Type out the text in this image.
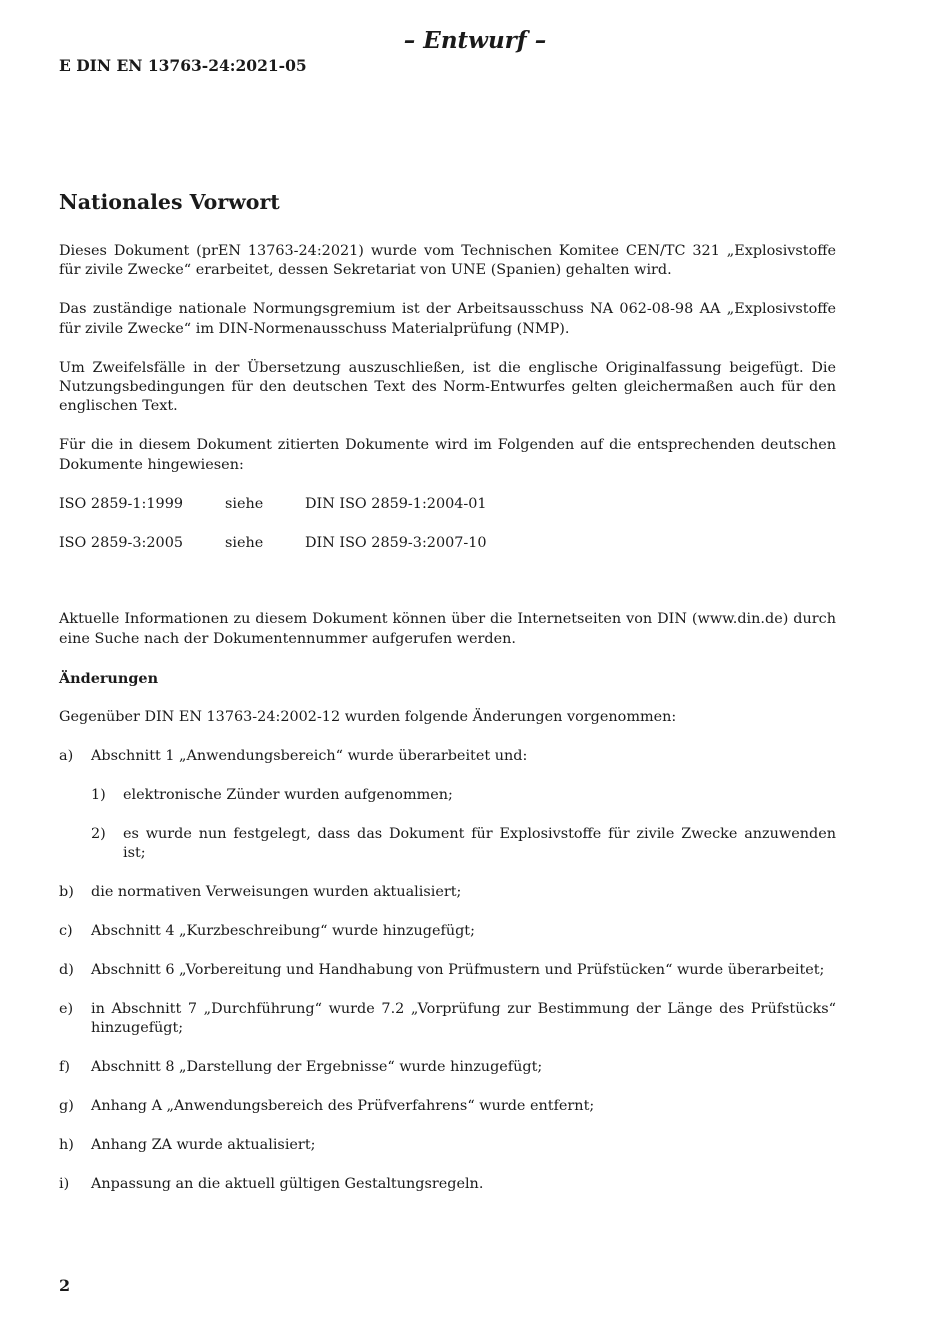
– Entwurf –
E DIN EN 13763-24:2021-05
Nationales Vorwort
Dieses Dokument (prEN 13763-24:2021) wurde vom Technischen Komitee CEN/TC 321 „Explosivstoffe für zivile Zwecke“ erarbeitet, dessen Sekretariat von UNE (Spanien) gehalten wird.
Das zuständige nationale Normungsgremium ist der Arbeitsausschuss NA 062-08-98 AA „Explosivstoffe für zivile Zwecke“ im DIN-Normenausschuss Materialprüfung (NMP).
Um Zweifelsfälle in der Übersetzung auszuschließen, ist die englische Originalfassung beigefügt. Die Nutzungsbedingungen für den deutschen Text des Norm-Entwurfes gelten gleichermaßen auch für den englischen Text.
Für die in diesem Dokument zitierten Dokumente wird im Folgenden auf die entsprechenden deutschen Dokumente hingewiesen:
ISO 2859-1:1999	siehe	DIN ISO 2859-1:2004-01
ISO 2859-3:2005	siehe	DIN ISO 2859-3:2007-10
Aktuelle Informationen zu diesem Dokument können über die Internetseiten von DIN (www.din.de) durch eine Suche nach der Dokumentennummer aufgerufen werden.
Änderungen
Gegenüber DIN EN 13763-24:2002-12 wurden folgende Änderungen vorgenommen:
a)	Abschnitt 1 „Anwendungsbereich“ wurde überarbeitet und:
1)	elektronische Zünder wurden aufgenommen;
2)	es wurde nun festgelegt, dass das Dokument für Explosivstoffe für zivile Zwecke anzuwenden ist;
b)	die normativen Verweisungen wurden aktualisiert;
c)	Abschnitt 4 „Kurzbeschreibung“ wurde hinzugefügt;
d)	Abschnitt 6 „Vorbereitung und Handhabung von Prüfmustern und Prüfstücken“ wurde überarbeitet;
e)	in Abschnitt 7 „Durchführung“ wurde 7.2 „Vorprüfung zur Bestimmung der Länge des Prüfstücks“ hinzugefügt;
f)	Abschnitt 8 „Darstellung der Ergebnisse“ wurde hinzugefügt;
g)	Anhang A „Anwendungsbereich des Prüfverfahrens“ wurde entfernt;
h)	Anhang ZA wurde aktualisiert;
i)	Anpassung an die aktuell gültigen Gestaltungsregeln.
2
